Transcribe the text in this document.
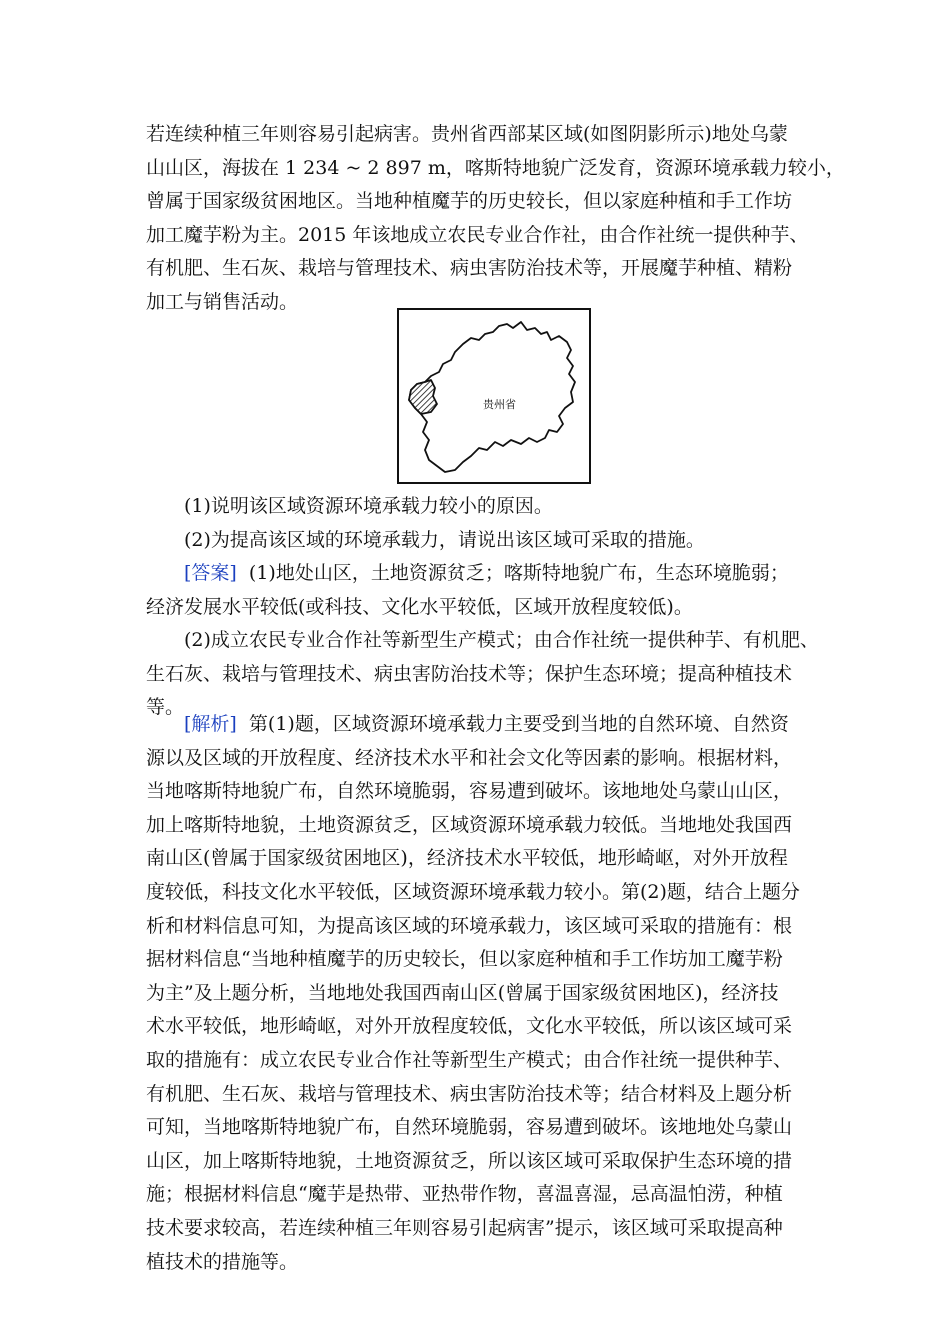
若连续种植三年则容易引起病害。贵州省西部某区域(如图阴影所示)地处乌蒙
山山区，海拔在 1 234 ~ 2 897 m，喀斯特地貌广泛发育，资源环境承载力较小，
曾属于国家级贫困地区。当地种植魔芋的历史较长，但以家庭种植和手工作坊
加工魔芋粉为主。2015 年该地成立农民专业合作社，由合作社统一提供种芋、
有机肥、生石灰、栽培与管理技术、病虫害防治技术等，开展魔芋种植、精粉
加工与销售活动。
贵州省
(1)说明该区域资源环境承载力较小的原因。
(2)为提高该区域的环境承载力，请说出该区域可采取的措施。
[答案] (1)地处山区，土地资源贫乏；喀斯特地貌广布，生态环境脆弱；
经济发展水平较低(或科技、文化水平较低，区域开放程度较低)。
(2)成立农民专业合作社等新型生产模式；由合作社统一提供种芋、有机肥、
生石灰、栽培与管理技术、病虫害防治技术等；保护生态环境；提高种植技术
等。
[解析] 第(1)题，区域资源环境承载力主要受到当地的自然环境、自然资
源以及区域的开放程度、经济技术水平和社会文化等因素的影响。根据材料，
当地喀斯特地貌广布，自然环境脆弱，容易遭到破坏。该地地处乌蒙山山区，
加上喀斯特地貌，土地资源贫乏，区域资源环境承载力较低。当地地处我国西
南山区(曾属于国家级贫困地区)，经济技术水平较低，地形崎岖，对外开放程
度较低，科技文化水平较低，区域资源环境承载力较小。第(2)题，结合上题分
析和材料信息可知，为提高该区域的环境承载力，该区域可采取的措施有：根
据材料信息“当地种植魔芋的历史较长，但以家庭种植和手工作坊加工魔芋粉
为主”及上题分析，当地地处我国西南山区(曾属于国家级贫困地区)，经济技
术水平较低，地形崎岖，对外开放程度较低，文化水平较低，所以该区域可采
取的措施有：成立农民专业合作社等新型生产模式；由合作社统一提供种芋、
有机肥、生石灰、栽培与管理技术、病虫害防治技术等；结合材料及上题分析
可知，当地喀斯特地貌广布，自然环境脆弱，容易遭到破坏。该地地处乌蒙山
山区，加上喀斯特地貌，土地资源贫乏，所以该区域可采取保护生态环境的措
施；根据材料信息“魔芋是热带、亚热带作物，喜温喜湿，忌高温怕涝，种植
技术要求较高，若连续种植三年则容易引起病害”提示，该区域可采取提高种
植技术的措施等。
